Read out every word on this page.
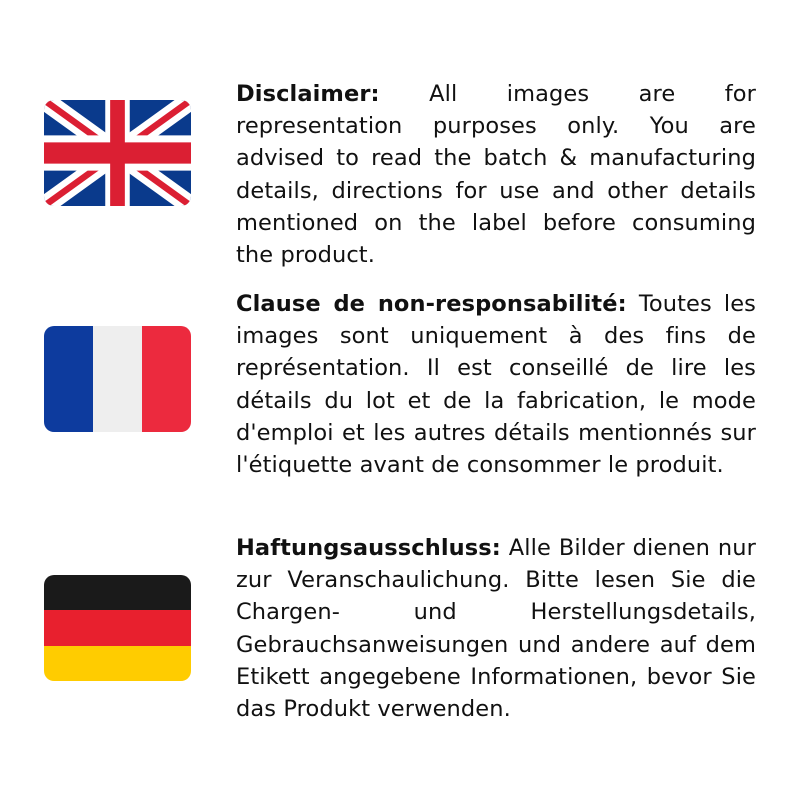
Disclaimer: All images are for representation purposes only. You are advised to read the batch & manufacturing details, directions for use and other details mentioned on the label before consuming the product.
Clause de non-responsabilité: Toutes les images sont uniquement à des fins de représentation. Il est conseillé de lire les détails du lot et de la fabrication, le mode d'emploi et les autres détails mentionnés sur l'étiquette avant de consommer le produit.
Haftungsausschluss: Alle Bilder dienen nur zur Veranschaulichung. Bitte lesen Sie die Chargen- und Herstellungsdetails, Gebrauchsanweisungen und andere auf dem Etikett angegebene Informationen, bevor Sie das Produkt verwenden.
